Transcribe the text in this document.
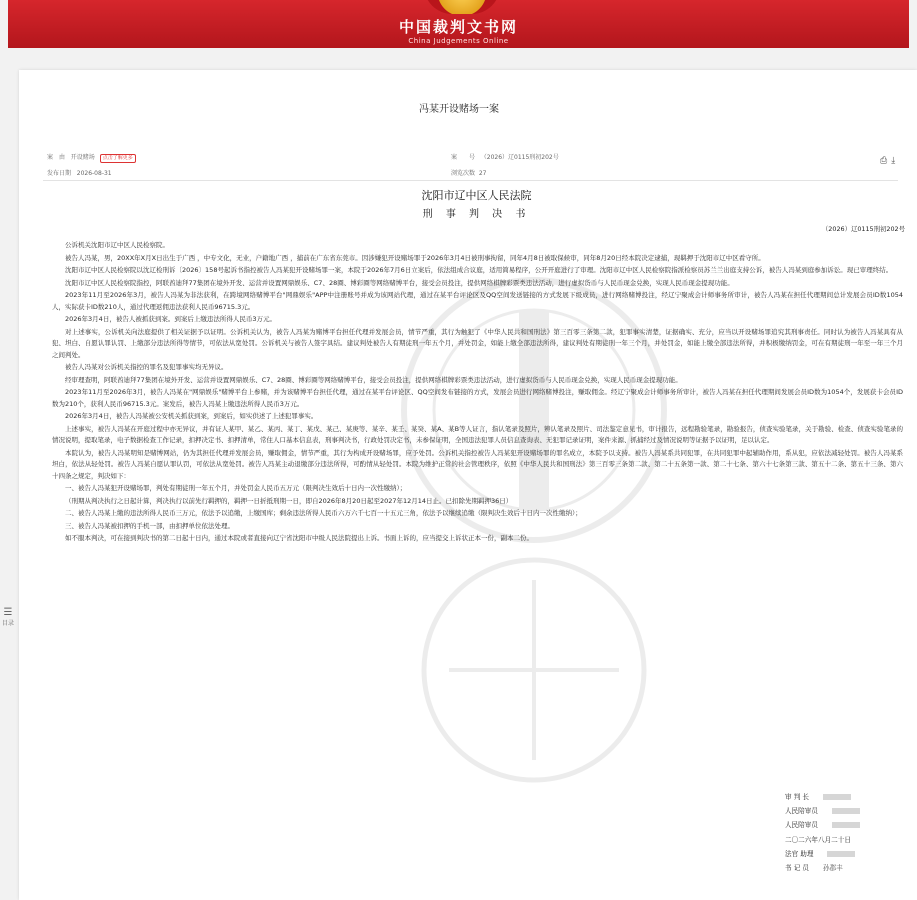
中国裁判文书网
China Judgements Online
☰
目录
冯某开设赌场一案
案　由 开设赌场 点击了解更多	案　　号 （2026）辽0115刑初202号	⎙ ⤓
发布日期 2026-08-31	浏览次数 27
沈阳市辽中区人民法院
刑 事 判 决 书
（2026）辽0115刑初202号

公诉机关沈阳市辽中区人民检察院。

被告人冯某，男，20XX年X月X日出生于广西 ，中专文化，无业，户籍地广西 ，捕前在广东省东莞市。因涉嫌犯开设赌场罪于2026年3月4日被刑事拘留，同年4月8日被取保候审，同年8月20日经本院决定逮捕，现羁押于沈阳市辽中区看守所。

沈阳市辽中区人民检察院以沈辽检刑诉〔2026〕158号起诉书指控被告人冯某犯开设赌场罪一案，本院于2026年7月6日立案后，依法组成合议庭，适用简易程序，公开开庭进行了审理。沈阳市辽中区人民检察院指派检察员苏兰兰出庭支持公诉，被告人冯某到庭参加诉讼。现已审理终结。

沈阳市辽中区人民检察院指控，阿联酋迪拜77集团在境外开发、运营并设置网鼎娱乐、C7、28圈、博彩圈等网络赌博平台，接受会员投注，提供网络棋牌彩票类违法活动，进行虚拟货币与人民币现金兑换，实现人民币现金提现功能。

2023年11月至2026年3月，被告人冯某为非法获利，在跨境网络赌博平台"网鼎娱乐"APP中注册账号并成为该网站代理，通过在某平台评论区及QQ空间发送链接的方式发展下级成员，进行网络赌博投注，经辽宁聚成会计师事务所审计，被告人冯某在担任代理期间总计发展会员ID数1054人，实际获卡ID数210人，通过代理返佣违法获利人民币96715.3元。

2026年3月4日，被告人被抓获到案。到案后上缴违法所得人民币3万元。

对上述事实，公诉机关向法庭提供了相关证据予以证明。公诉机关认为，被告人冯某为赌博平台担任代理并发展会员，情节严重，其行为触犯了《中华人民共和国刑法》第三百零三条第二款，犯罪事实清楚，证据确实、充分，应当以开设赌场罪追究其刑事责任。同时认为被告人冯某具有从犯、坦白、自愿认罪认罚、上缴部分违法所得等情节，可依法从宽处罚。公诉机关与被告人签字具结。建议判处被告人有期徒刑一年五个月，并处罚金，如能上缴全部违法所得，建议判处有期徒刑一年三个月，并处罚金，如能上缴全部违法所得，并积极缴纳罚金，可在有期徒刑一年至一年三个月之间判处。

被告人冯某对公诉机关指控的罪名及犯罪事实均无异议。

经审理查明，阿联酋迪拜77集团在境外开发、运营并设置网鼎娱乐、C7、28圈、博彩圈等网络赌博平台，接受会员投注，提供网络棋牌彩票类违法活动，进行虚拟货币与人民币现金兑换，实现人民币现金提现功能。

2023年11月至2026年3月，被告人冯某在"网鼎娱乐"赌博平台上参赌，并为该赌博平台担任代理，通过在某平台评论区、QQ空间发布链接的方式，发展会员进行网络赌博投注，赚取佣金。经辽宁聚成会计师事务所审计，被告人冯某在担任代理期间发展会员ID数为1054个，发展获卡会员ID数为210个，获利人民币96715.3元。案发后，被告人冯某上缴违法所得人民币3万元。

2026年3月4日，被告人冯某被公安机关抓获到案，到案后，如实供述了上述犯罪事实。

上述事实，被告人冯某在开庭过程中亦无异议，并有证人某甲、某乙、某丙、某丁、某戊、某己、某庚等、某辛、某壬、某癸、某A、某B等人证言，指认笔录及照片，辨认笔录及照片、司法鉴定意见书，审计报告，远程勘验笔录，勘验报告，侦查实验笔录，关于勘验、检查、侦查实验笔录的情况说明，提取笔录，电子数据检查工作记录，扣押决定书、扣押清单，常住人口基本信息表，刑事判决书，行政处罚决定书，未参保证明，全国违法犯罪人员信息查询表、无犯罪记录证明，案件来源、抓捕经过及情况说明等证据予以证明，足以认定。

本院认为，被告人冯某明知是赌博网站，仍为其担任代理并发展会员，赚取佣金，情节严重，其行为构成开设赌场罪，应予处罚。公诉机关指控被告人冯某犯开设赌场罪的罪名成立，本院予以支持。被告人冯某系共同犯罪，在共同犯罪中起辅助作用，系从犯，应依法减轻处罚。被告人冯某系坦白，依法从轻处罚。被告人冯某自愿认罪认罚，可依法从宽处罚。被告人冯某主动退缴部分违法所得，可酌情从轻处罚。本院为维护正常的社会管理秩序，依照《中华人民共和国刑法》第三百零三条第二款、第二十五条第一款、第二十七条、第六十七条第三款、第五十二条、第五十三条、第六十四条之规定，判决如下：

一、被告人冯某犯开设赌场罪，判处有期徒刑一年五个月，并处罚金人民币五万元（限判决生效后十日内一次性缴纳）；

（刑期从判决执行之日起计算，判决执行以前先行羁押的，羁押一日折抵刑期一日，即自2026年8月20日起至2027年12月14日止。已扣除先期羁押36日）

二、被告人冯某上缴的违法所得人民币三万元，依法予以追缴，上缴国库；剩余违法所得人民币六万六千七百一十五元三角，依法予以继续追缴（限判决生效后十日内一次性缴纳）；

三、被告人冯某被扣押的手机一部，由扣押单位依法处理。

如不服本判决，可在接到判决书的第二日起十日内，通过本院或者直接向辽宁省沈阳市中级人民法院提出上诉。书面上诉的，应当提交上诉状正本一份，副本二份。

审 判 长
人民陪审员
人民陪审员
二〇二六年八月二十日
法官 助理
书 记 员 孙郡丰
